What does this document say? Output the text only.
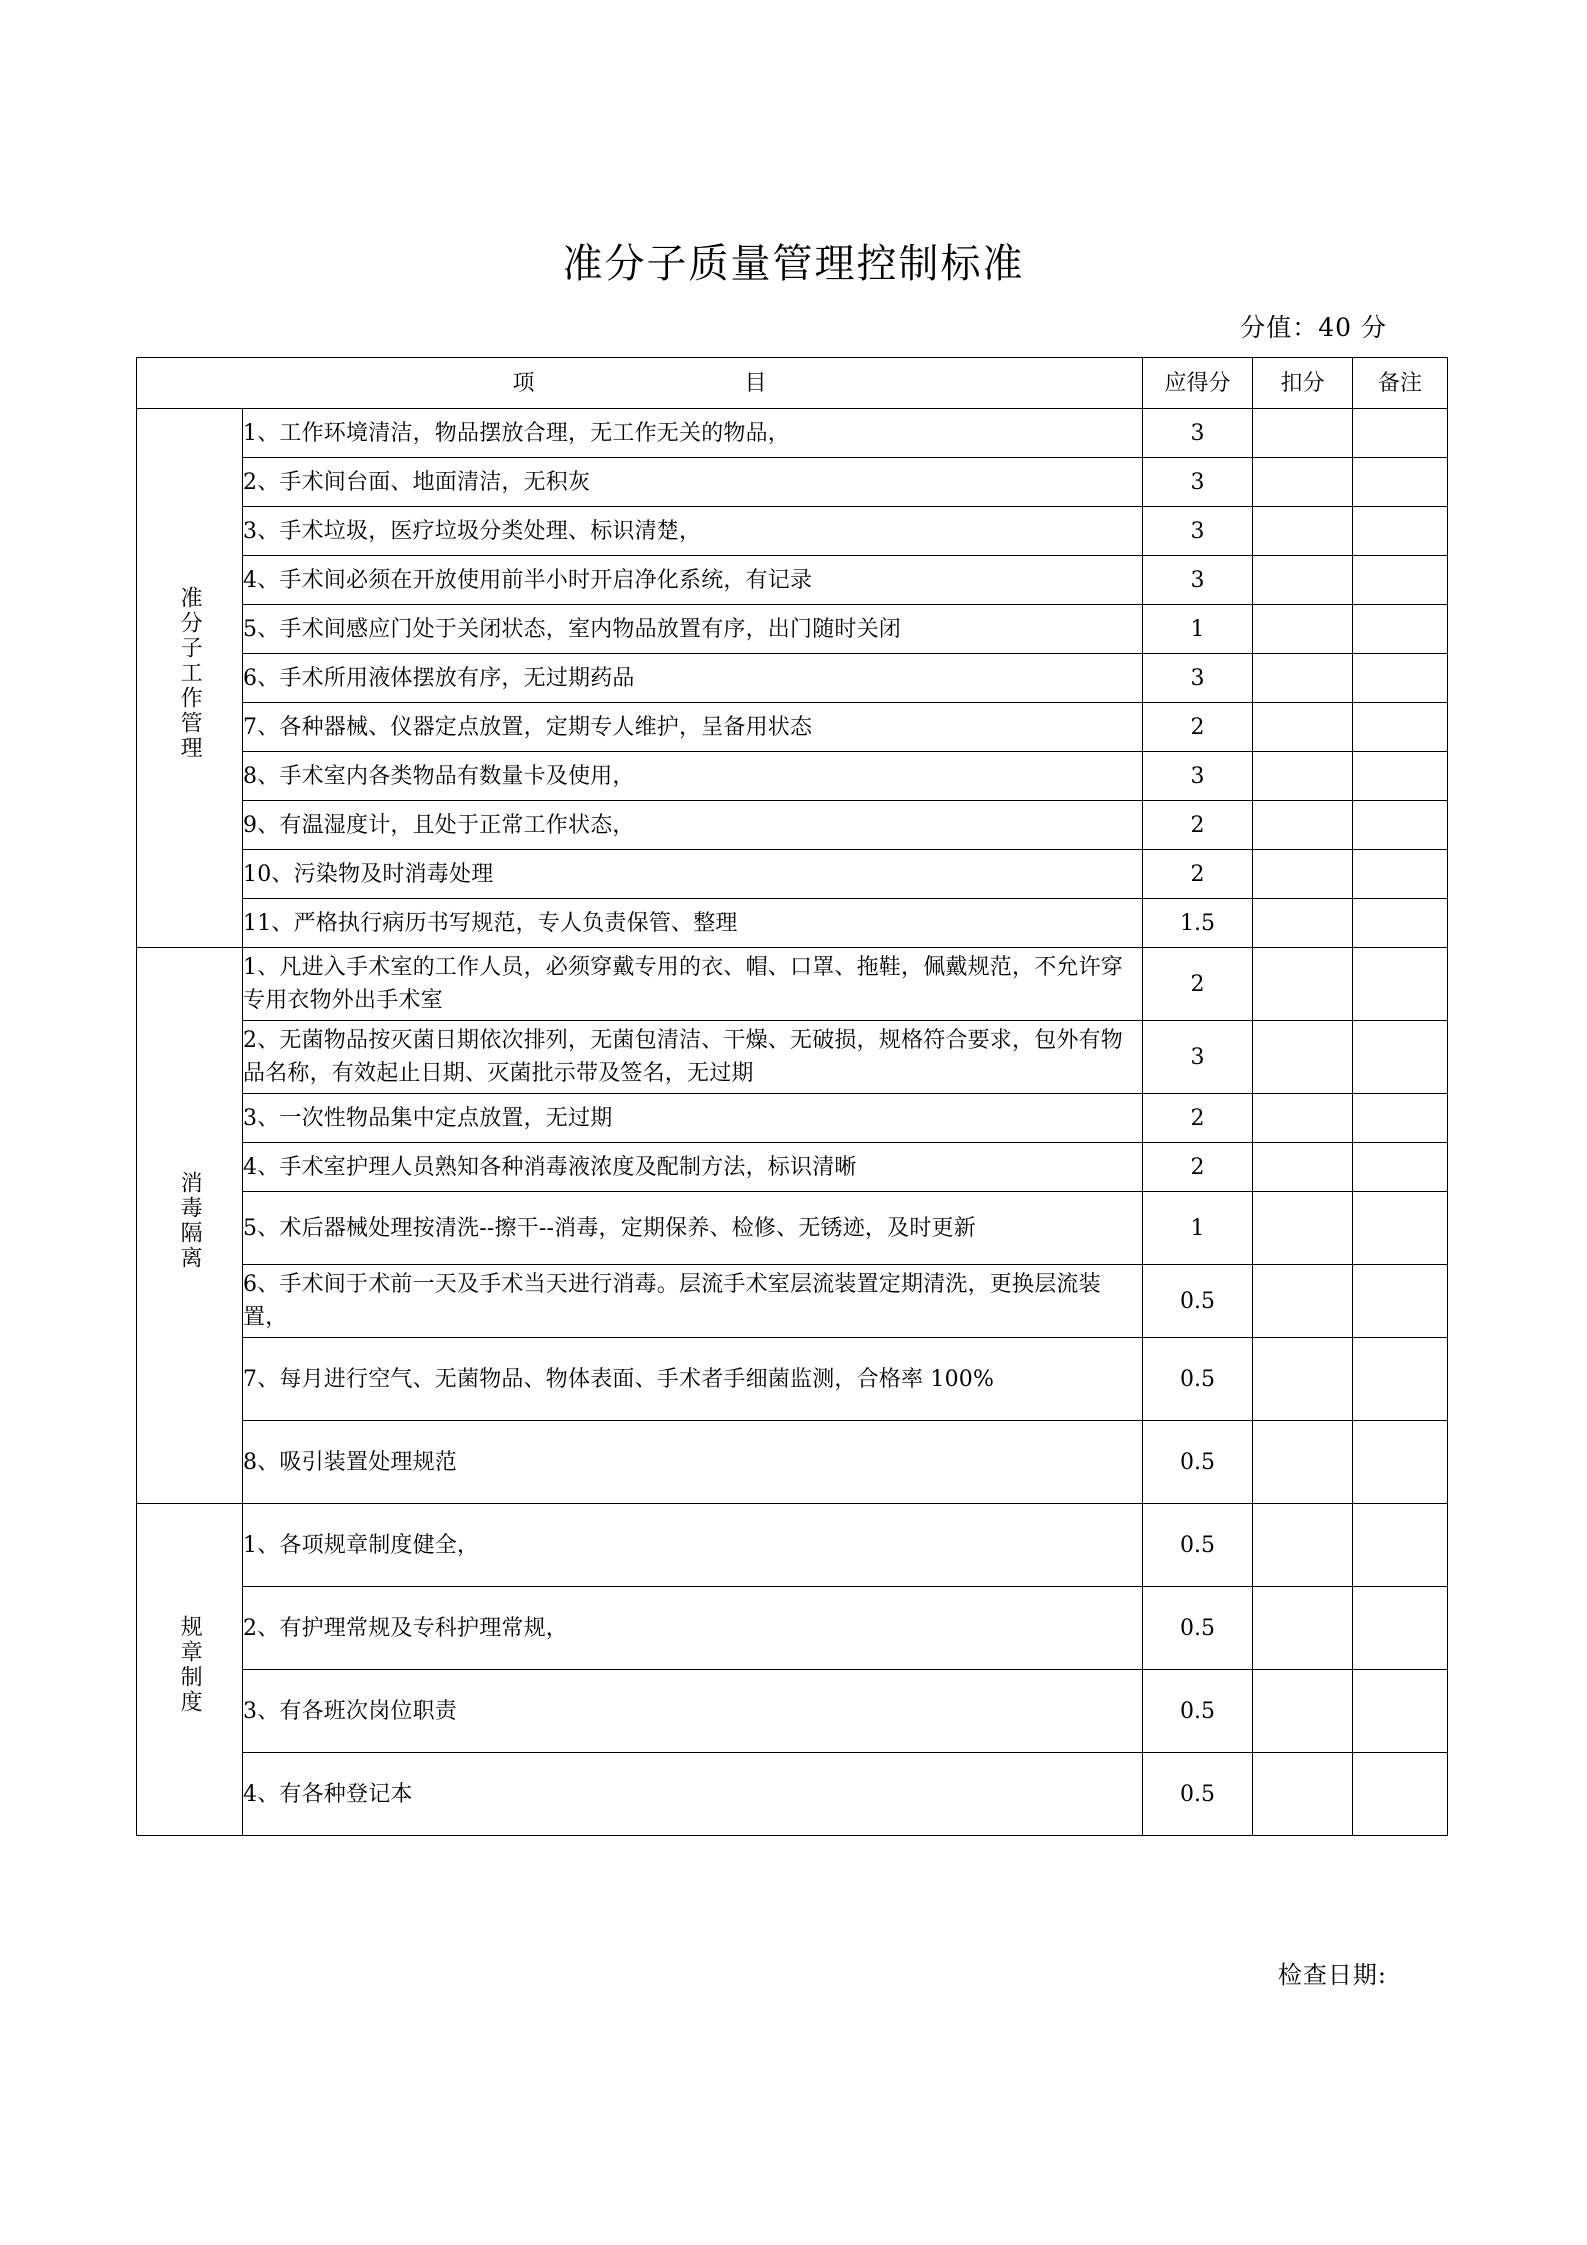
准分子质量管理控制标准
分值：40 分
项 目		应得分	扣分	备注
准分子工作管理	1、工作环境清洁，物品摆放合理，无工作无关的物品，	3		
	2、手术间台面、地面清洁，无积灰	3		
	3、手术垃圾，医疗垃圾分类处理、标识清楚，	3		
	4、手术间必须在开放使用前半小时开启净化系统，有记录	3		
	5、手术间感应门处于关闭状态，室内物品放置有序，出门随时关闭	1		
	6、手术所用液体摆放有序，无过期药品	3		
	7、各种器械、仪器定点放置，定期专人维护，呈备用状态	2		
	8、手术室内各类物品有数量卡及使用，	3		
	9、有温湿度计，且处于正常工作状态，	2		
	10、污染物及时消毒处理	2		
	11、严格执行病历书写规范，专人负责保管、整理	1.5		
消毒隔离	1、凡进入手术室的工作人员，必须穿戴专用的衣、帽、口罩、拖鞋，佩戴规范，不允许穿专用衣物外出手术室	2		
	2、无菌物品按灭菌日期依次排列，无菌包清洁、干燥、无破损，规格符合要求，包外有物品名称，有效起止日期、灭菌批示带及签名，无过期	3		
	3、一次性物品集中定点放置，无过期	2		
	4、手术室护理人员熟知各种消毒液浓度及配制方法，标识清晰	2		
	5、术后器械处理按清洗--擦干--消毒，定期保养、检修、无锈迹，及时更新	1		
	6、手术间于术前一天及手术当天进行消毒。层流手术室层流装置定期清洗，更换层流装置，	0.5		
	7、每月进行空气、无菌物品、物体表面、手术者手细菌监测，合格率 100%	0.5		
	8、吸引装置处理规范	0.5		
规章制度	1、各项规章制度健全，	0.5		
	2、有护理常规及专科护理常规，	0.5		
	3、有各班次岗位职责	0.5		
	4、有各种登记本	0.5		
检查日期:
